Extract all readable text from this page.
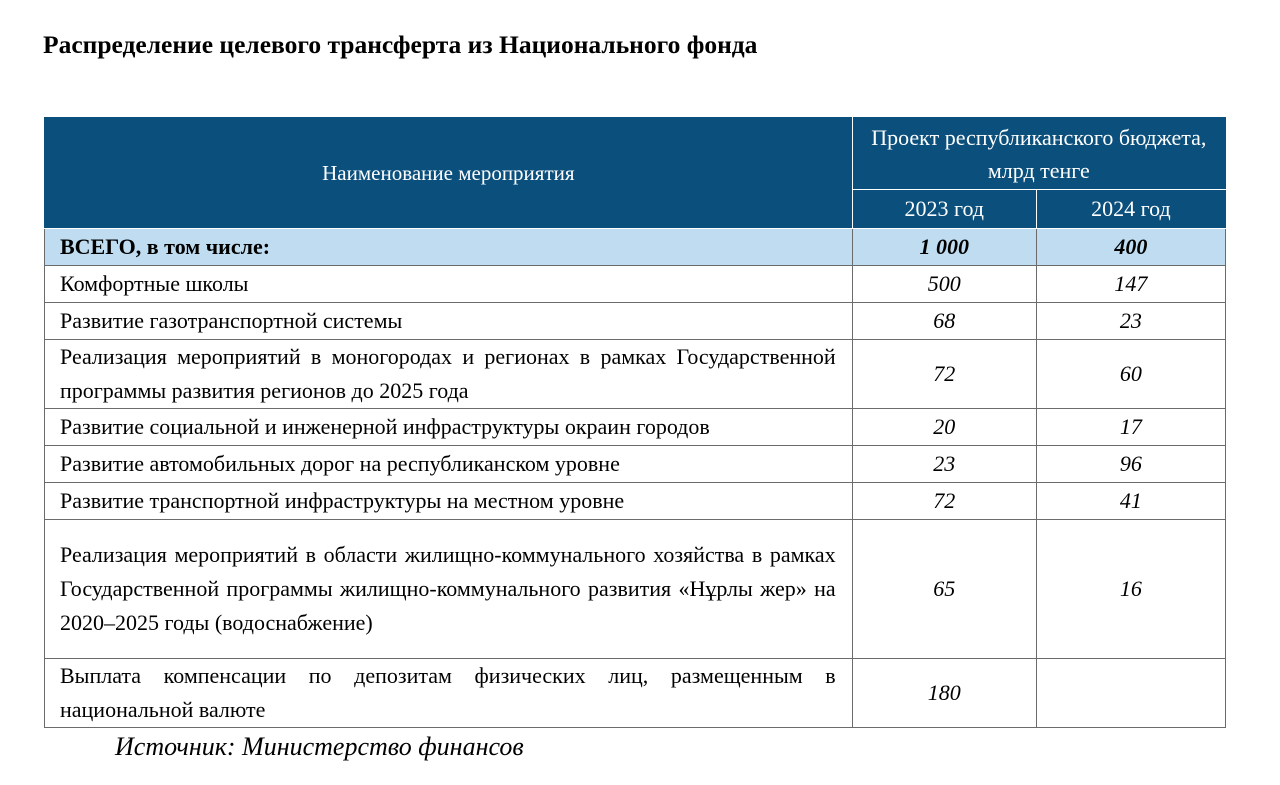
Распределение целевого трансферта из Национального фонда
Наименование мероприятия	Проект республиканского бюджета, млрд тенге	
	2023 год	2024 год
ВСЕГО, в том числе:	1 000	400
Комфортные школы	500	147
Развитие газотранспортной системы	68	23
Реализация мероприятий в моногородах и регионах в рамках Государственной программы развития регионов до 2025 года	72	60
Развитие социальной и инженерной инфраструктуры окраин городов	20	17
Развитие автомобильных дорог на республиканском уровне	23	96
Развитие транспортной инфраструктуры на местном уровне	72	41
Реализация мероприятий в области жилищно-коммунального хозяйства в рамках Государственной программы жилищно-коммунального развития «Нұрлы жер» на 2020–2025 годы (водоснабжение)	65	16
Выплата компенсации по депозитам физических лиц, размещенным в национальной валюте	180	
Источник: Министерство финансов
